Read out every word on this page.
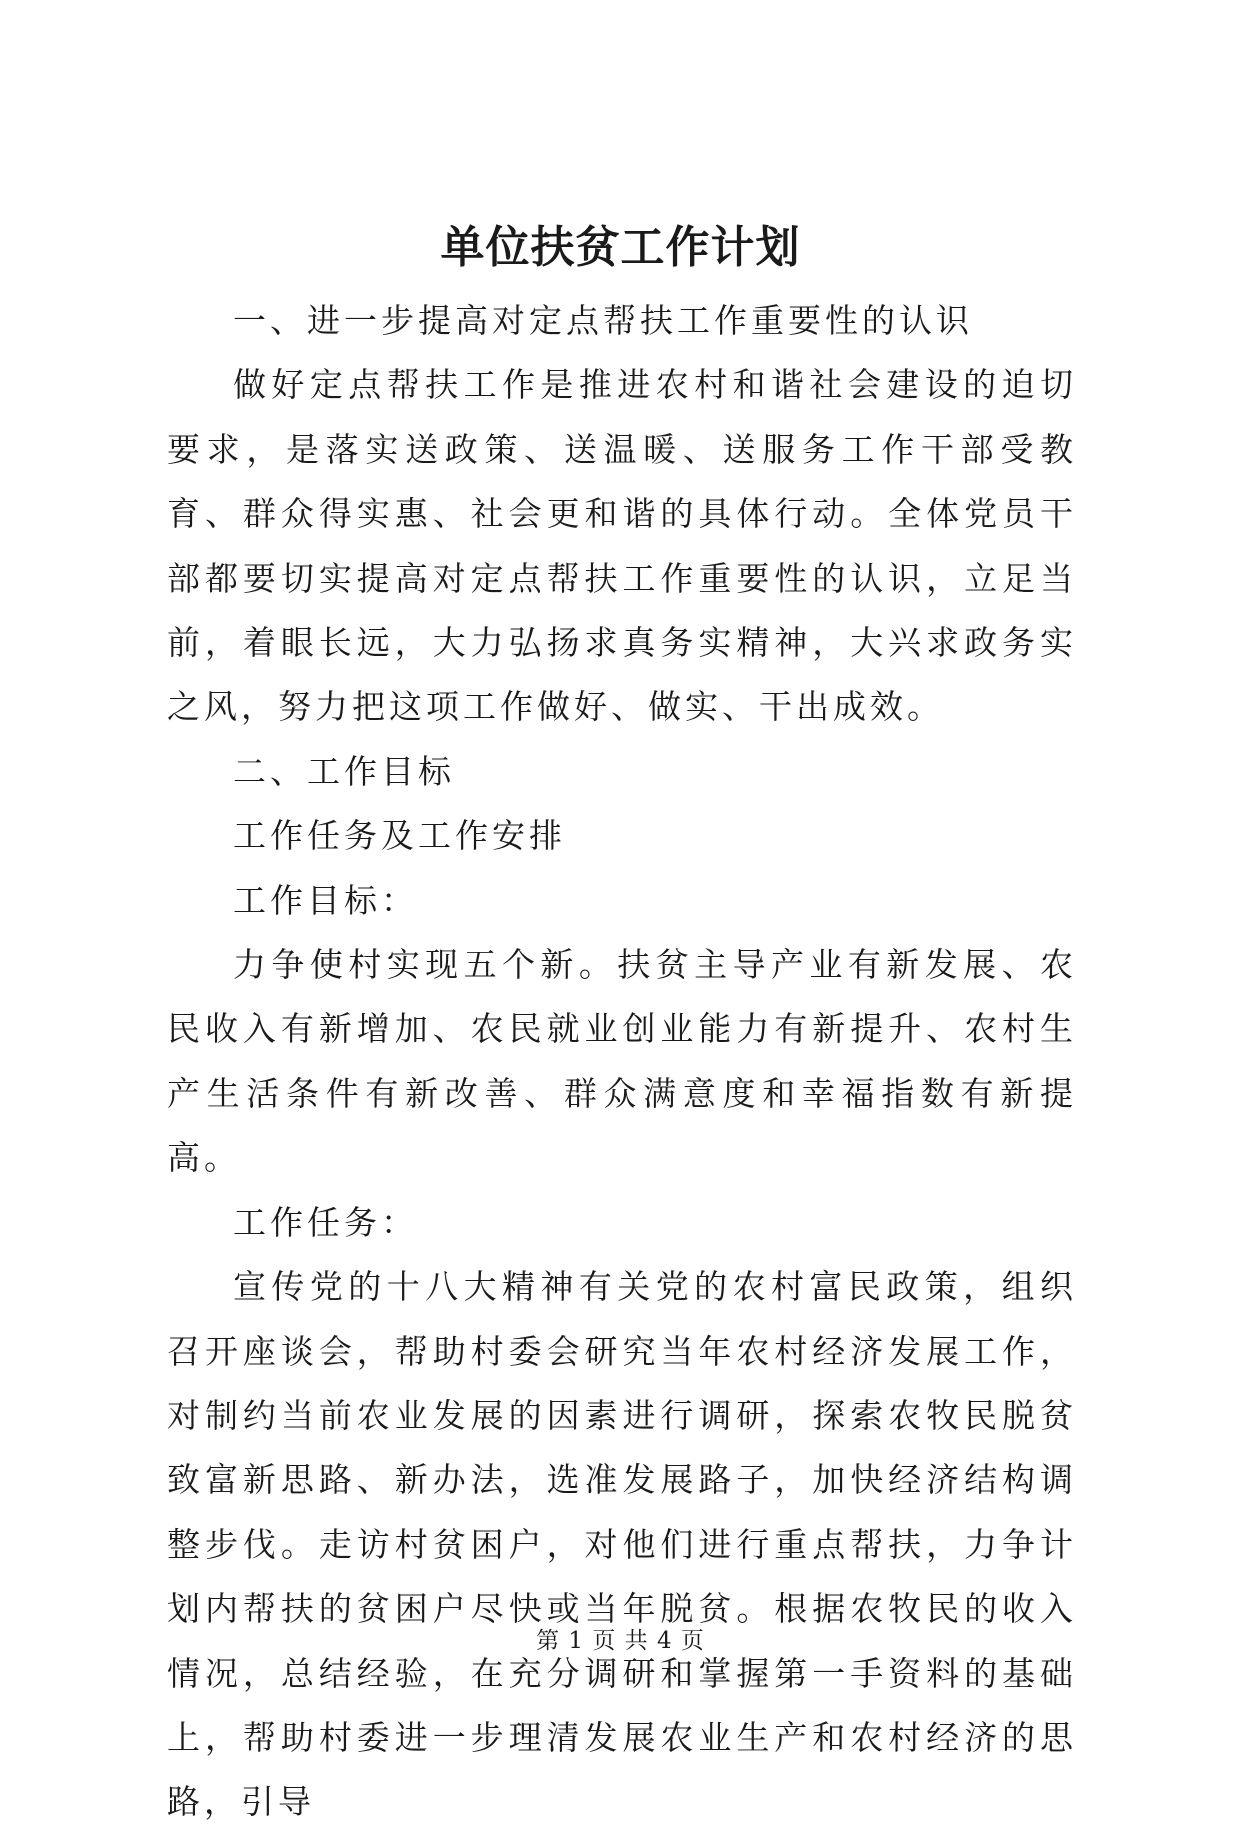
单位扶贫工作计划

一、进一步提高对定点帮扶工作重要性的认识

做好定点帮扶工作是推进农村和谐社会建设的迫切要求，是落实送政策、送温暖、送服务工作干部受教育、群众得实惠、社会更和谐的具体行动。全体党员干部都要切实提高对定点帮扶工作重要性的认识，立足当前，着眼长远，大力弘扬求真务实精神，大兴求政务实之风，努力把这项工作做好、做实、干出成效。

二、工作目标

工作任务及工作安排

工作目标：

力争使村实现五个新。扶贫主导产业有新发展、农民收入有新增加、农民就业创业能力有新提升、农村生产生活条件有新改善、群众满意度和幸福指数有新提高。

工作任务：

宣传党的十八大精神有关党的农村富民政策，组织召开座谈会，帮助村委会研究当年农村经济发展工作，对制约当前农业发展的因素进行调研，探索农牧民脱贫致富新思路、新办法，选准发展路子，加快经济结构调整步伐。走访村贫困户，对他们进行重点帮扶，力争计划内帮扶的贫困户尽快或当年脱贫。根据农牧民的收入情况，总结经验，在充分调研和掌握第一手资料的基础上，帮助村委进一步理清发展农业生产和农村经济的思路，引导

第 1 页 共 4 页
